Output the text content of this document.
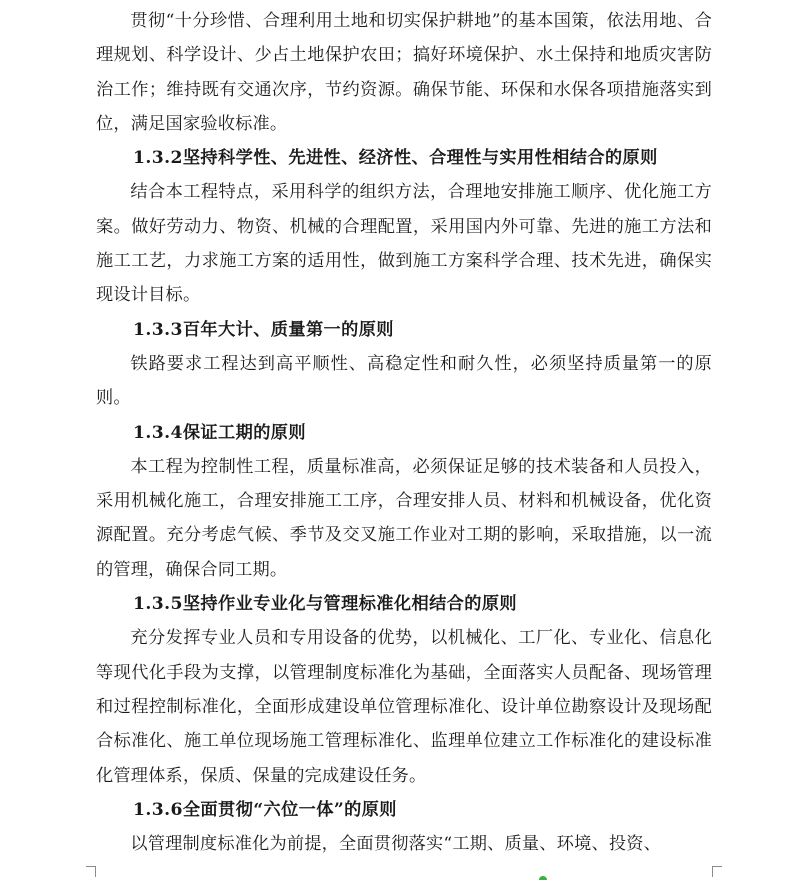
贯彻“十分珍惜、合理利用土地和切实保护耕地”的基本国策，依法用地、合理规划、科学设计、少占土地保护农田；搞好环境保护、水土保持和地质灾害防治工作；维持既有交通次序，节约资源。确保节能、环保和水保各项措施落实到位，满足国家验收标准。

1.3.2坚持科学性、先进性、经济性、合理性与实用性相结合的原则

结合本工程特点，采用科学的组织方法，合理地安排施工顺序、优化施工方案。做好劳动力、物资、机械的合理配置，采用国内外可靠、先进的施工方法和施工工艺，力求施工方案的适用性，做到施工方案科学合理、技术先进，确保实现设计目标。

1.3.3百年大计、质量第一的原则

铁路要求工程达到高平顺性、高稳定性和耐久性，必须坚持质量第一的原则。

1.3.4保证工期的原则

本工程为控制性工程，质量标准高，必须保证足够的技术装备和人员投入，采用机械化施工，合理安排施工工序，合理安排人员、材料和机械设备，优化资源配置。充分考虑气候、季节及交叉施工作业对工期的影响，采取措施，以一流的管理，确保合同工期。

1.3.5坚持作业专业化与管理标准化相结合的原则

充分发挥专业人员和专用设备的优势，以机械化、工厂化、专业化、信息化等现代化手段为支撑，以管理制度标准化为基础，全面落实人员配备、现场管理和过程控制标准化，全面形成建设单位管理标准化、设计单位勘察设计及现场配合标准化、施工单位现场施工管理标准化、监理单位建立工作标准化的建设标准化管理体系，保质、保量的完成建设任务。

1.3.6全面贯彻“六位一体”的原则

以管理制度标准化为前提，全面贯彻落实“工期、质量、环境、投资、
